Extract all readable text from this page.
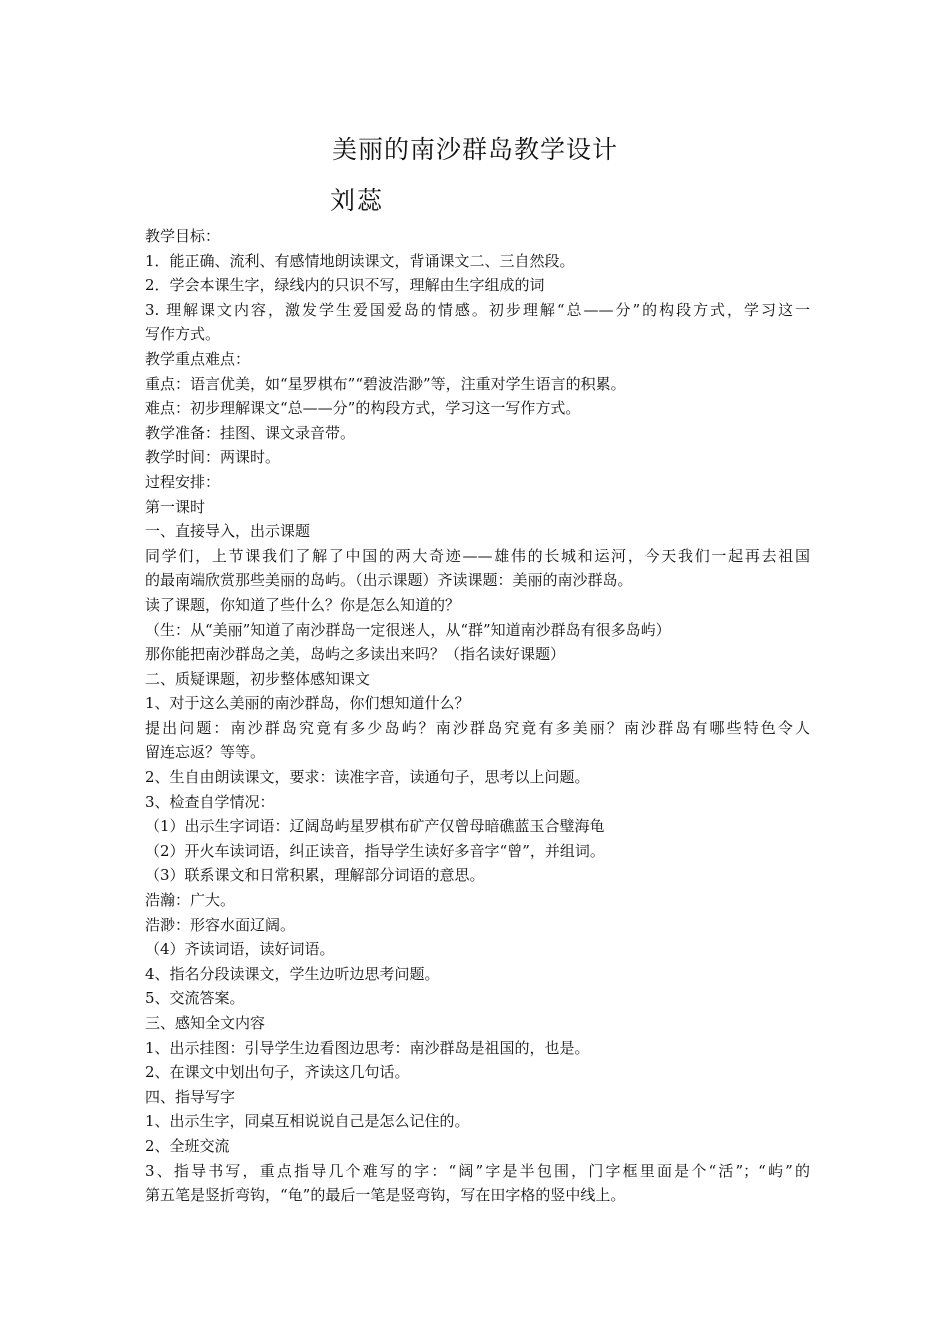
美丽的南沙群岛教学设计
刘蕊
教学目标：
1．能正确、流利、有感情地朗读课文，背诵课文二、三自然段。
2．学会本课生字，绿线内的只识不写，理解由生字组成的词
3. 理解课文内容，激发学生爱国爱岛的情感。初步理解“总——分”的构段方式，学习这一
写作方式。
教学重点难点：
重点：语言优美，如“星罗棋布”“碧波浩渺”等，注重对学生语言的积累。
难点：初步理解课文“总——分”的构段方式，学习这一写作方式。
教学准备：挂图、课文录音带。
教学时间：两课时。
过程安排：
第一课时
一、直接导入，出示课题
同学们，上节课我们了解了中国的两大奇迹——雄伟的长城和运河，今天我们一起再去祖国
的最南端欣赏那些美丽的岛屿。（出示课题）齐读课题：美丽的南沙群岛。
读了课题，你知道了些什么？你是怎么知道的？
（生：从“美丽”知道了南沙群岛一定很迷人，从“群”知道南沙群岛有很多岛屿）
那你能把南沙群岛之美，岛屿之多读出来吗？（指名读好课题）
二、质疑课题，初步整体感知课文
1、对于这么美丽的南沙群岛，你们想知道什么？
提出问题：南沙群岛究竟有多少岛屿？南沙群岛究竟有多美丽？南沙群岛有哪些特色令人
留连忘返？等等。
2、生自由朗读课文，要求：读准字音，读通句子，思考以上问题。
3、检查自学情况：
（1）出示生字词语：辽阔岛屿星罗棋布矿产仅曾母暗礁蓝玉合璧海龟
（2）开火车读词语，纠正读音，指导学生读好多音字“曾”，并组词。
（3）联系课文和日常积累，理解部分词语的意思。
浩瀚：广大。
浩渺：形容水面辽阔。
（4）齐读词语，读好词语。
4、指名分段读课文，学生边听边思考问题。
5、交流答案。
三、感知全文内容
1、出示挂图：引导学生边看图边思考：南沙群岛是祖国的，也是。
2、在课文中划出句子，齐读这几句话。
四、指导写字
1、出示生字，同桌互相说说自己是怎么记住的。
2、全班交流
3、指导书写，重点指导几个难写的字：“阔”字是半包围，门字框里面是个“活”；“屿”的
第五笔是竖折弯钩，“龟”的最后一笔是竖弯钩，写在田字格的竖中线上。
